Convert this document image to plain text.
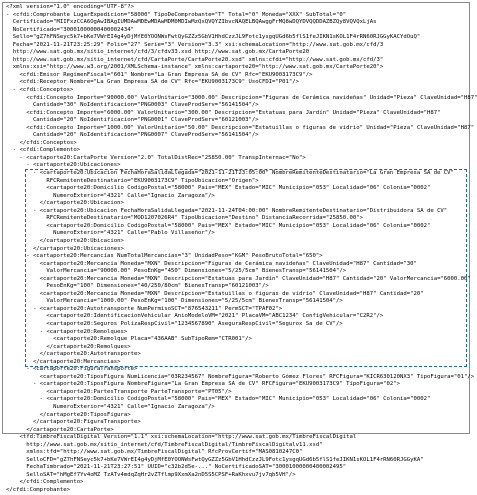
<?xml version="1.0" encoding="UTF-8"?>
- <cfdi:Comprobante LugarExpedicion="58000" TipoDeComprobante="T" Total="0" Moneda="XXX" SubTotal="0"
Certificado="MIIFxzCCA6OgAwIBAgIUMDAwMDEwMDAwMDM0MDIwMzQxQVQYZIbvcNAQELBQAwggFrMQ8wDQYDVQQDDAZBZQy8VQVQxLjAs
NoCertificado="30001000000400002434"
Sello="gZ7hFNSeyc5k7+bKe7VWrEI4g4yDjMfE0YOONWsFwtQyGZZz5GbV1HhdCzzJL9Fotc1ysgqUGd6b5flS1feJIKN1sKOL1F4rRN60RJGGyKACYdOuQ"
Fecha="2021-11-21T23:25:29" Folio="27" Serie="3" Version="3.3" xsi:schemaLocation="http://www.sat.gob.mx/cfd/3
http://www.sat.gob.mx/sitio_internet/cfd/3/cfdv33.xsd http://www.sat.gob.mx/CartaPorte20
http://www.sat.gob.mx/sitio_internet/cfd/CartaPorte/CartaPorte20.xsd" xmlns:cfdi="http://www.sat.gob.mx/cfd/3"
xmlns:xsi="http://www.w3.org/2001/XMLSchema-instance" xmlns:cartaporte20="http://www.sat.gob.mx/CartaPorte20">
<cfdi:Emisor RegimenFiscal="601" Nombre="La Gran Empresa SA de CV" Rfc="EKU9003173C9"/>
<cfdi:Receptor Nombre="La Gran Empresa SA de CV" Rfc="EKU9003173C9" UsoCFDI="P01"/>
- <cfdi:Conceptos>
<cfdi:Concepto Importe="90000.00" ValorUnitario="3000.00" Descripcion="Figuras de Cerámica navideñas" Unidad="Pieza" ClaveUnidad="H87"
Cantidad="30" NoIdentificacion="PNG0003" ClaveProdServ="56141504"/>
<cfdi:Concepto Importe="6000.00" ValorUnitario="300.00" Descripcion="Estatuas para Jardín" Unidad="Pieza" ClaveUnidad="H87"
Cantidad="20" NoIdentificacion="PNG0001" ClaveProdServ="60121003"/>
<cfdi:Concepto Importe="1000.00" ValorUnitario="50.00" Descripcion="Estatuillas o figuras de vidrio" Unidad="Pieza" ClaveUnidad="H87"
Cantidad="20" NoIdentificacion="PNG0007" ClaveProdServ="56141504"/>
</cfdi:Conceptos>
- <cfdi:Complemento>
- <cartaporte20:CartaPorte Version="2.0" TotalDistRec="25850.00" TranspInternac="No">
- <cartaporte20:Ubicaciones>
- <cartaporte20:Ubicacion FechaHoraSalidaLlegada="2021-11-21T23:05:00" NombreRemitenteDestinatario="La Gran Empresa SA de CV"
RFCRemitenteDestinatario="EKU9003173C9" TipoUbicacion="Origen">
<cartaporte20:Domicilio CodigoPostal="58000" Pais="MEX" Estado="MIC" Municipio="053" Localidad="06" Colonia="0002"
NumeroExterior="4321" Calle="Ignacio Zaragoza"/>
</cartaporte20:Ubicacion>
- <cartaporte20:Ubicacion FechaHoraSalidaLlegada="2021-11-24T04:00:00" NombreRemitenteDestinatario="Distribuidora SA de CV"
RFCRemitenteDestinatario="MOD1207026R4" TipoUbicacion="Destino" DistanciaRecorrida="25850.00">
<cartaporte20:Domicilio CodigoPostal="58000" Pais="MEX" Estado="MIC" Municipio="053" Localidad="06" Colonia="0002"
NumeroExterior="4321" Calle="Pablo Villaseñor"/>
</cartaporte20:Ubicacion>
</cartaporte20:Ubicaciones>
- <cartaporte20:Mercancias NumTotalMercancias="3" UnidadPeso="KGM" PesoBrutoTotal="650">
<cartaporte20:Mercancia Moneda="MXN" Descripcion="Figuras de Cerámica navideñas" ClaveUnidad="H87" Cantidad="30"
ValorMercancia="90000.00" PesoEnKg="450" Dimensiones="5/25/5cm" BienesTransp="56141504"/>
<cartaporte20:Mercancia Moneda="MXN" Descripcion="Estatuas para Jardín" ClaveUnidad="H87" Cantidad="20" ValorMercancia="6000.00"
PesoEnKg="100" Dimensiones="40/250/80cm" BienesTransp="60121003"/>
<cartaporte20:Mercancia Moneda="MXN" Descripcion="Estatuillas o figuras de vidrio" ClaveUnidad="H87" Cantidad="20"
ValorMercancia="1000.00" PesoEnKg="100" Dimensiones="5/25/5cm" BienesTransp="56141504"/>
- <cartaporte20:Autotransporte NumPermisoSCT="876543211" PermSCT="TPAF02">
<cartaporte20:IdentificacionVehicular AnioModeloVM="2021" PlacaVM="ABC1234" ConfigVehicular="C2R2"/>
<cartaporte20:Seguros PolizaRespCivil="1234567890" AseguraRespCivil="Segurox Sa de CV"/>
- <cartaporte20:Remolques>
<cartaporte20:Remolque Placa="436AAB" SubTipoRem="CTR001"/>
</cartaporte20:Remolques>
</cartaporte20:Autotransporte>
</cartaporte20:Mercancias>
- <cartaporte20:FiguraTransporte>
<cartaporte20:TiposFigura NumLicencia="03R234567" NombreFigura="Roberto Gómez Flores" RFCFigura="KICR630120NX3" TipoFigura="01"/>
- <cartaporte20:TiposFigura NombreFigura="La Gran Empresa SA de CV" RFCFigura="EKU9003173C9" TipoFigura="02">
<cartaporte20:PartesTransporte ParteTransporte="PT05"/>
- <cartaporte20:Domicilio CodigoPostal="58000" Pais="MEX" Estado="MIC" Municipio="053" Localidad="06" Colonia="0002"
NumeroExterior="4321" Calle="Ignacio Zaragoza"/>
</cartaporte20:TiposFigura>
</cartaporte20:FiguraTransporte>
</cartaporte20:CartaPorte>
<tfd:TimbreFiscalDigital Version="1.1" xsi:schemaLocation="http://www.sat.gob.mx/TimbreFiscalDigital
http://www.sat.gob.mx/sitio_internet/cfd/TimbreFiscalDigital/TimbreFiscalDigitalv11.xsd"
xmlns:tfd="http://www.sat.gob.mx/TimbreFiscalDigital" RfcProvCertif="MAS0810247C0"
SelloCFD="gZ7hFNSeyc5k7+bKe7VWrEI4g4yDjMfE0YOONWsFwtQyGZZz5GbV1HhdCzzJL9Fotc1ysgqUGd6b5flS1feJIKN1sKOL1F4rRN60RJGGyKA"
FechaTimbrado="2021-11-21T23:27:51" UUID="c32b2d5e-..." NoCertificadoSAT="30001000000400002495"
SelloSAT="hMgEf7Yv4oMZ TzATv4mdqZqHr2vZTflmp9XxmXa2nD5S5CPSF+RaKhxvu7jv7qb5VH"/>
</cfdi:Complemento>
</cfdi:Comprobante>
